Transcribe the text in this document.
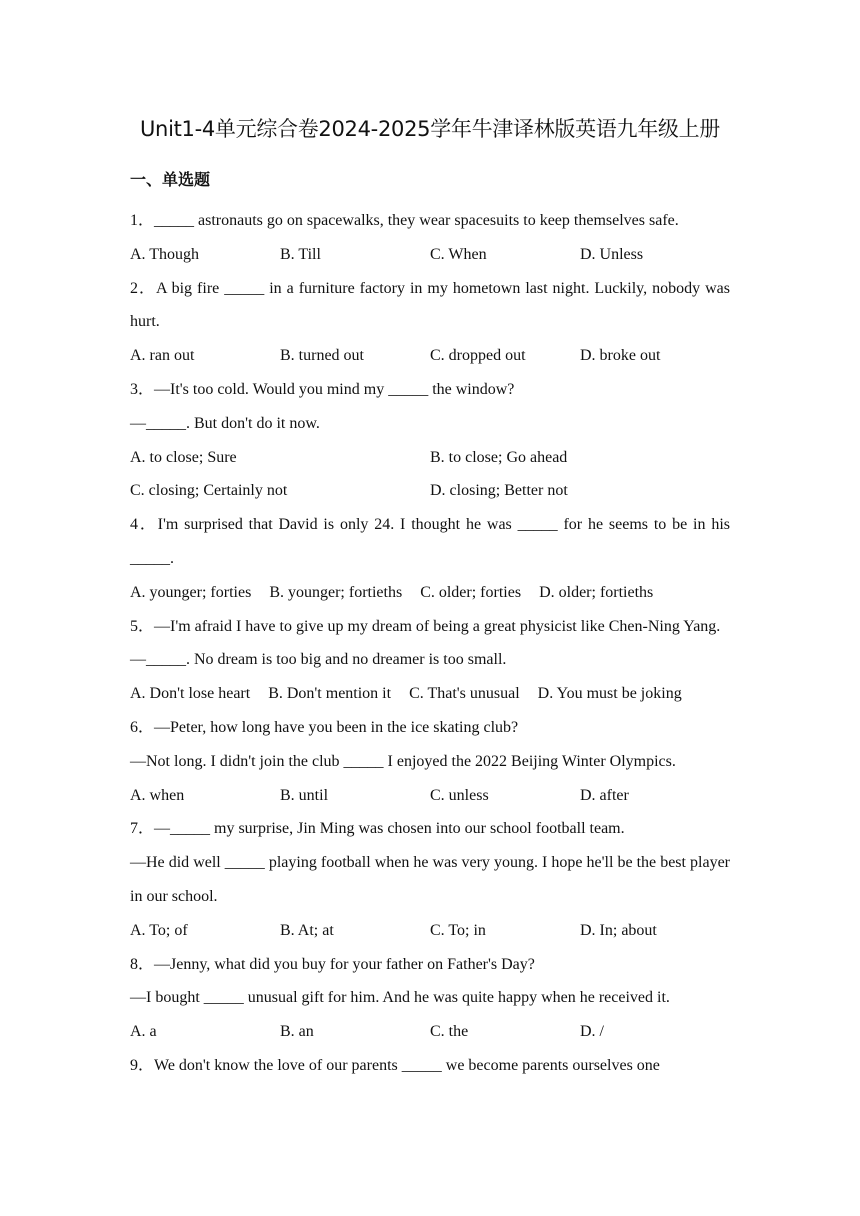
Unit1-4单元综合卷2024-2025学年牛津译林版英语九年级上册
一、单选题

1．_____ astronauts go on spacewalks, they wear spacesuits to keep themselves safe.

A. Though	B. Till	C. When	D. Unless

2．A big fire _____ in a furniture factory in my hometown last night. Luckily, nobody was hurt.

A. ran out	B. turned out	C. dropped out	D. broke out

3．—It's too cold. Would you mind my _____ the window?

—_____. But don't do it now.

A. to close; Sure	B. to close; Go ahead
C. closing; Certainly not	D. closing; Better not

4．I'm surprised that David is only 24. I thought he was _____ for he seems to be in his _____.

A. younger; forties B. younger; fortieths C. older; forties D. older; fortieths

5．—I'm afraid I have to give up my dream of being a great physicist like Chen-Ning Yang.

—_____. No dream is too big and no dreamer is too small.

A. Don't lose heart B. Don't mention it C. That's unusual D. You must be joking

6．—Peter, how long have you been in the ice skating club?

—Not long. I didn't join the club _____ I enjoyed the 2022 Beijing Winter Olympics.

A. when	B. until	C. unless	D. after

7．—_____ my surprise, Jin Ming was chosen into our school football team.

—He did well _____ playing football when he was very young. I hope he'll be the best player in our school.

A. To; of	B. At; at	C. To; in	D. In; about

8．—Jenny, what did you buy for your father on Father's Day?

—I bought _____ unusual gift for him. And he was quite happy when he received it.

A. a	B. an	C. the	D. /

9．We don't know the love of our parents _____ we become parents ourselves one
